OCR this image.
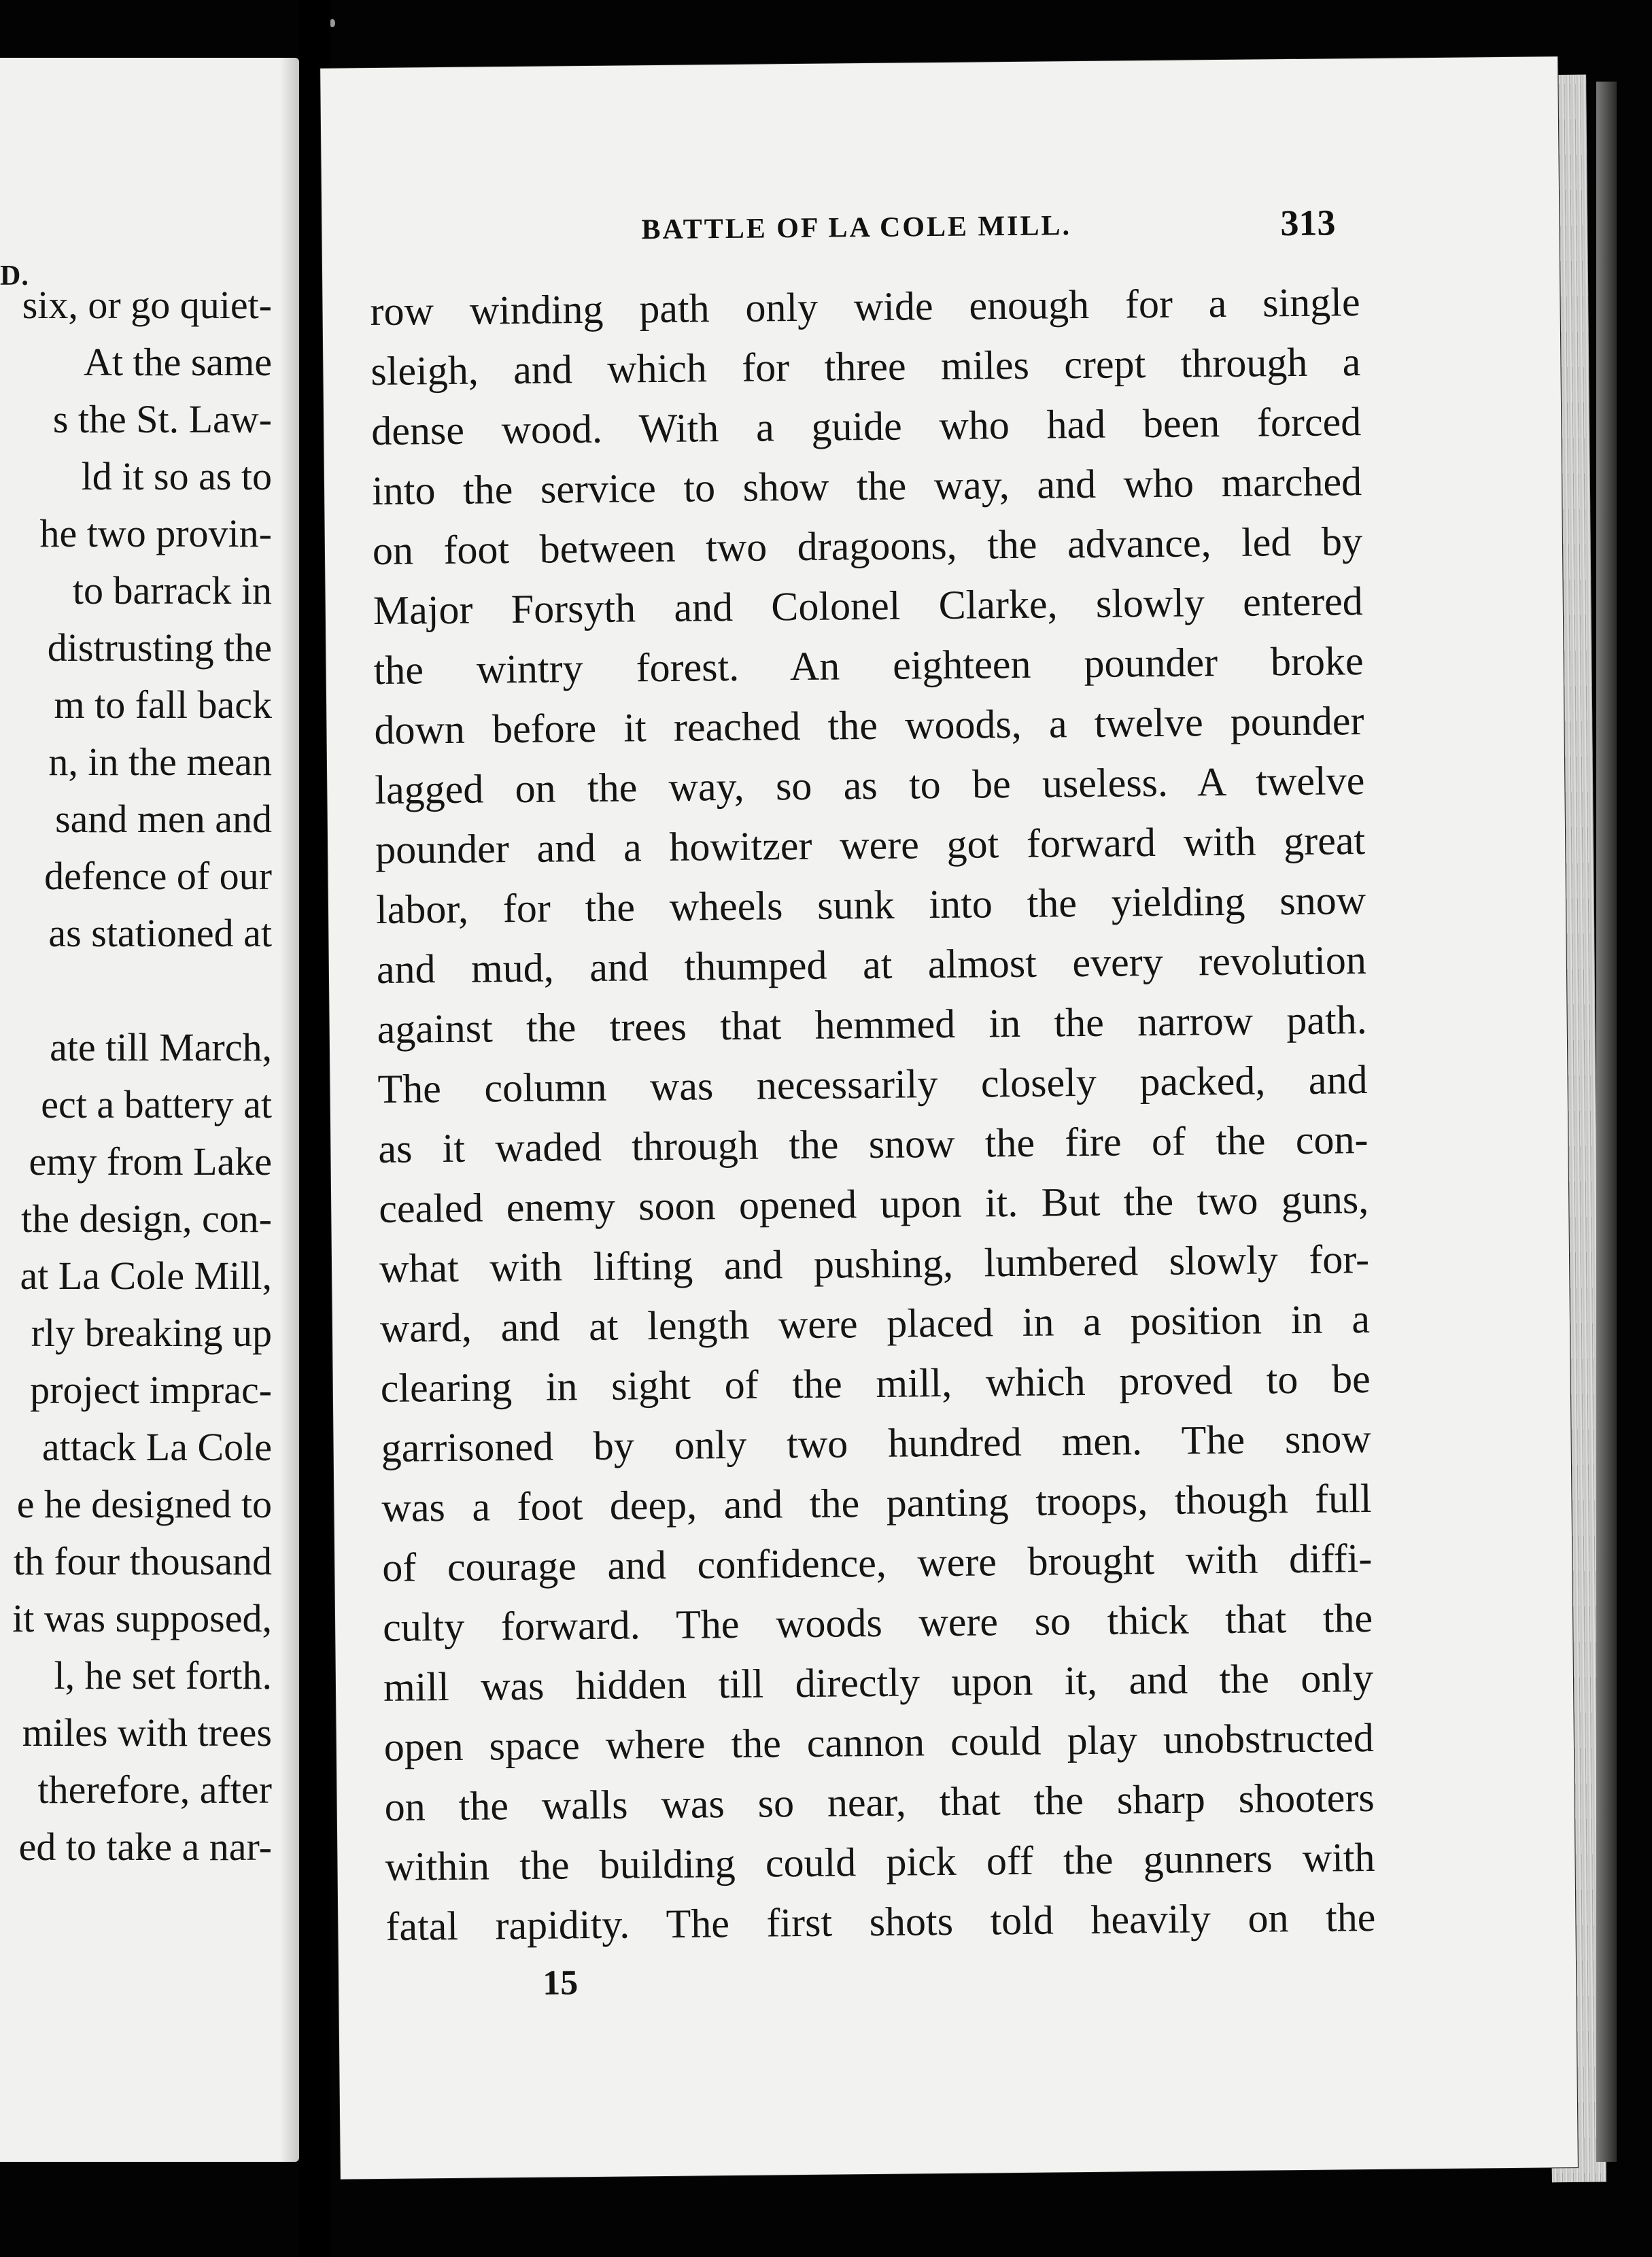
D.
six, or go quiet-
At the same
s the St. Law-
ld it so as to
he two provin-
to barrack in
distrusting the
m to fall back
n, in the mean
sand men and
defence of our
as stationed at
ate till March,
ect a battery at
emy from Lake
the design, con-
at La Cole Mill,
rly breaking up
project imprac-
attack La Cole
e he designed to
th four thousand
it was supposed,
l, he set forth.
miles with trees
therefore, after
ed to take a nar-
BATTLE OF LA COLE MILL.	313
row winding path only wide enough for a single
sleigh, and which for three miles crept through a
dense wood. With a guide who had been forced
into the service to show the way, and who marched
on foot between two dragoons, the advance, led by
Major Forsyth and Colonel Clarke, slowly entered
the wintry forest. An eighteen pounder broke
down before it reached the woods, a twelve pounder
lagged on the way, so as to be useless. A twelve
pounder and a howitzer were got forward with great
labor, for the wheels sunk into the yielding snow
and mud, and thumped at almost every revolution
against the trees that hemmed in the narrow path.
The column was necessarily closely packed, and
as it waded through the snow the fire of the con-
cealed enemy soon opened upon it. But the two guns,
what with lifting and pushing, lumbered slowly for-
ward, and at length were placed in a position in a
clearing in sight of the mill, which proved to be
garrisoned by only two hundred men. The snow
was a foot deep, and the panting troops, though full
of courage and confidence, were brought with diffi-
culty forward. The woods were so thick that the
mill was hidden till directly upon it, and the only
open space where the cannon could play unobstructed
on the walls was so near, that the sharp shooters
within the building could pick off the gunners with
fatal rapidity. The first shots told heavily on the
15
